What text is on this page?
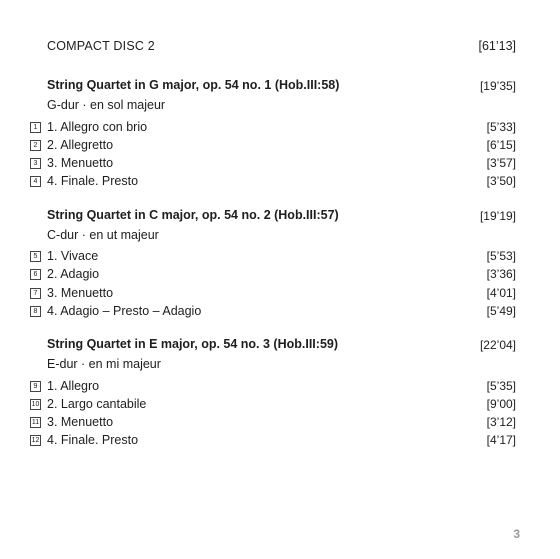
COMPACT DISC 2	[61’13]
String Quartet in G major, op. 54 no. 1 (Hob.III:58)	[19’35]
G-dur · en sol majeur
1 1. Allegro con brio	[5’33]
2 2. Allegretto	[6’15]
3 3. Menuetto	[3’57]
4 4. Finale. Presto	[3’50]
String Quartet in C major, op. 54 no. 2 (Hob.III:57)	[19’19]
C-dur · en ut majeur
5 1. Vivace	[5’53]
6 2. Adagio	[3’36]
7 3. Menuetto	[4’01]
8 4. Adagio – Presto – Adagio	[5’49]
String Quartet in E major, op. 54 no. 3 (Hob.III:59)	[22’04]
E-dur · en mi majeur
9 1. Allegro	[5’35]
10 2. Largo cantabile	[9’00]
11 3. Menuetto	[3’12]
12 4. Finale. Presto	[4’17]
3
